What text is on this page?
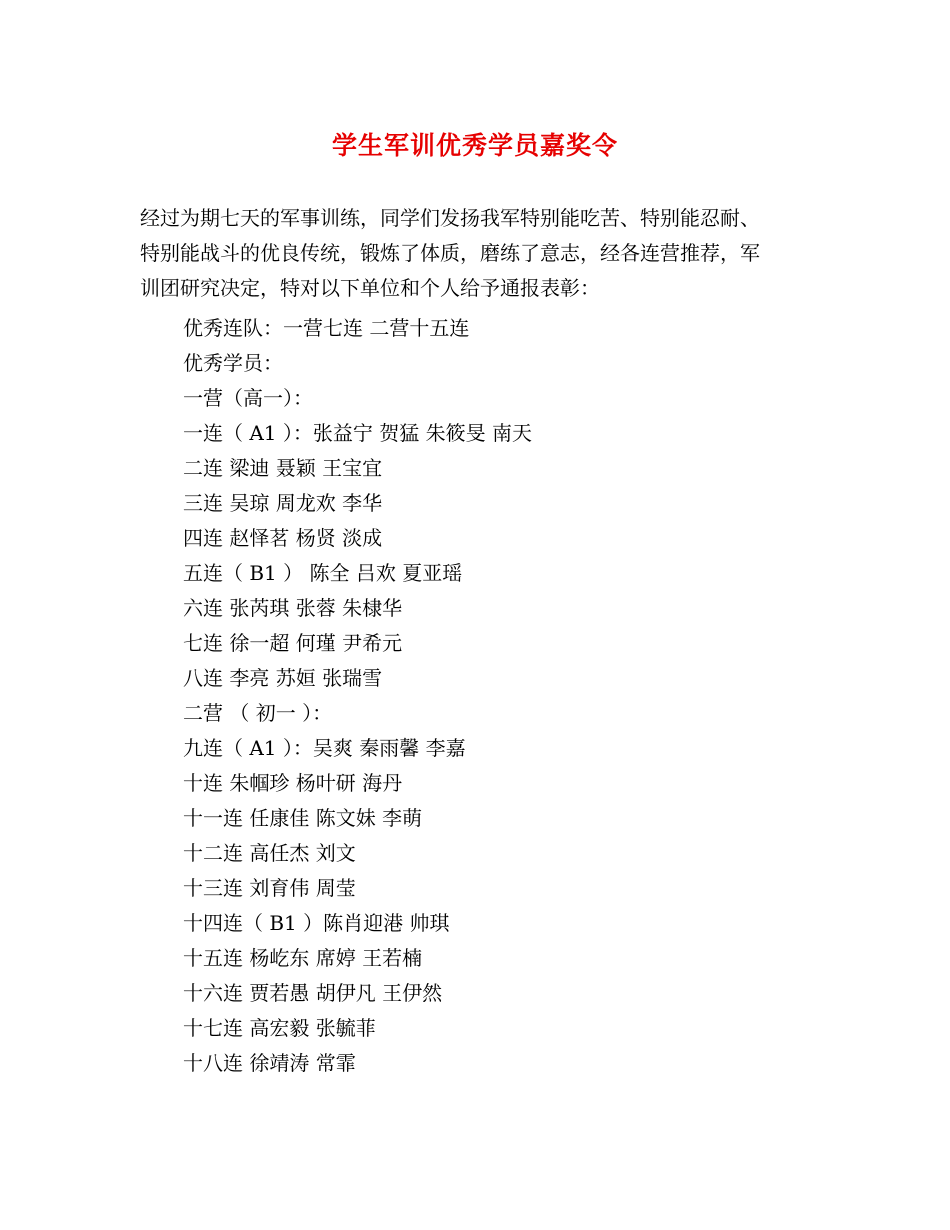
学生军训优秀学员嘉奖令
经过为期七天的军事训练，同学们发扬我军特别能吃苦、特别能忍耐、
特别能战斗的优良传统，锻炼了体质，磨练了意志，经各连营推荐，军
训团研究决定，特对以下单位和个人给予通报表彰：
优秀连队：一营七连 二营十五连
优秀学员：
一营（高一）：
一连（ A1 ）：张益宁 贺猛 朱筱旻 南天
二连 梁迪 聂颖 王宝宜
三连 吴琼 周龙欢 李华
四连 赵怿茗 杨贤 淡成
五连（ B1 ） 陈全 吕欢 夏亚瑶
六连 张芮琪 张蓉 朱棣华
七连 徐一超 何瑾 尹希元
八连 李亮 苏姮 张瑞雪
二营 （ 初一 ）：
九连（ A1 ）：吴爽 秦雨馨 李嘉
十连 朱帼珍 杨叶研 海丹
十一连 任康佳 陈文妹 李萌
十二连 高任杰 刘文
十三连 刘育伟 周莹
十四连（ B1 ）陈肖迎港 帅琪
十五连 杨屹东 席婷 王若楠
十六连 贾若愚 胡伊凡 王伊然
十七连 高宏毅 张毓菲
十八连 徐靖涛 常霏
